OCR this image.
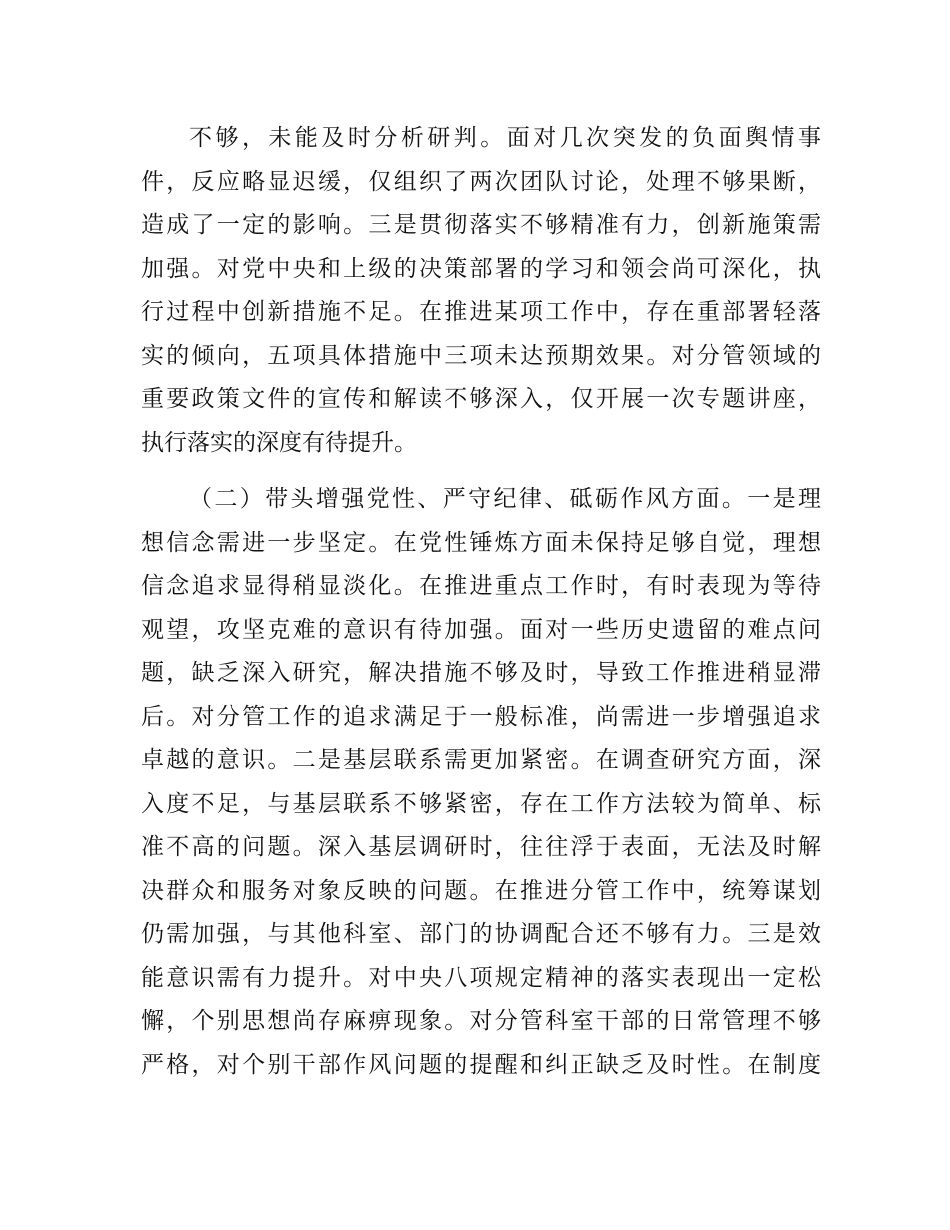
不够，未能及时分析研判。面对几次突发的负面舆情事
件，反应略显迟缓，仅组织了两次团队讨论，处理不够果断，
造成了一定的影响。三是贯彻落实不够精准有力，创新施策需
加强。对党中央和上级的决策部署的学习和领会尚可深化，执
行过程中创新措施不足。在推进某项工作中，存在重部署轻落
实的倾向，五项具体措施中三项未达预期效果。对分管领域的
重要政策文件的宣传和解读不够深入，仅开展一次专题讲座，
执行落实的深度有待提升。
（二）带头增强党性、严守纪律、砥砺作风方面。一是理
想信念需进一步坚定。在党性锤炼方面未保持足够自觉，理想
信念追求显得稍显淡化。在推进重点工作时，有时表现为等待
观望，攻坚克难的意识有待加强。面对一些历史遗留的难点问
题，缺乏深入研究，解决措施不够及时，导致工作推进稍显滞
后。对分管工作的追求满足于一般标准，尚需进一步增强追求
卓越的意识。二是基层联系需更加紧密。在调查研究方面，深
入度不足，与基层联系不够紧密，存在工作方法较为简单、标
准不高的问题。深入基层调研时，往往浮于表面，无法及时解
决群众和服务对象反映的问题。在推进分管工作中，统筹谋划
仍需加强，与其他科室、部门的协调配合还不够有力。三是效
能意识需有力提升。对中央八项规定精神的落实表现出一定松
懈，个别思想尚存麻痹现象。对分管科室干部的日常管理不够
严格，对个别干部作风问题的提醒和纠正缺乏及时性。在制度
